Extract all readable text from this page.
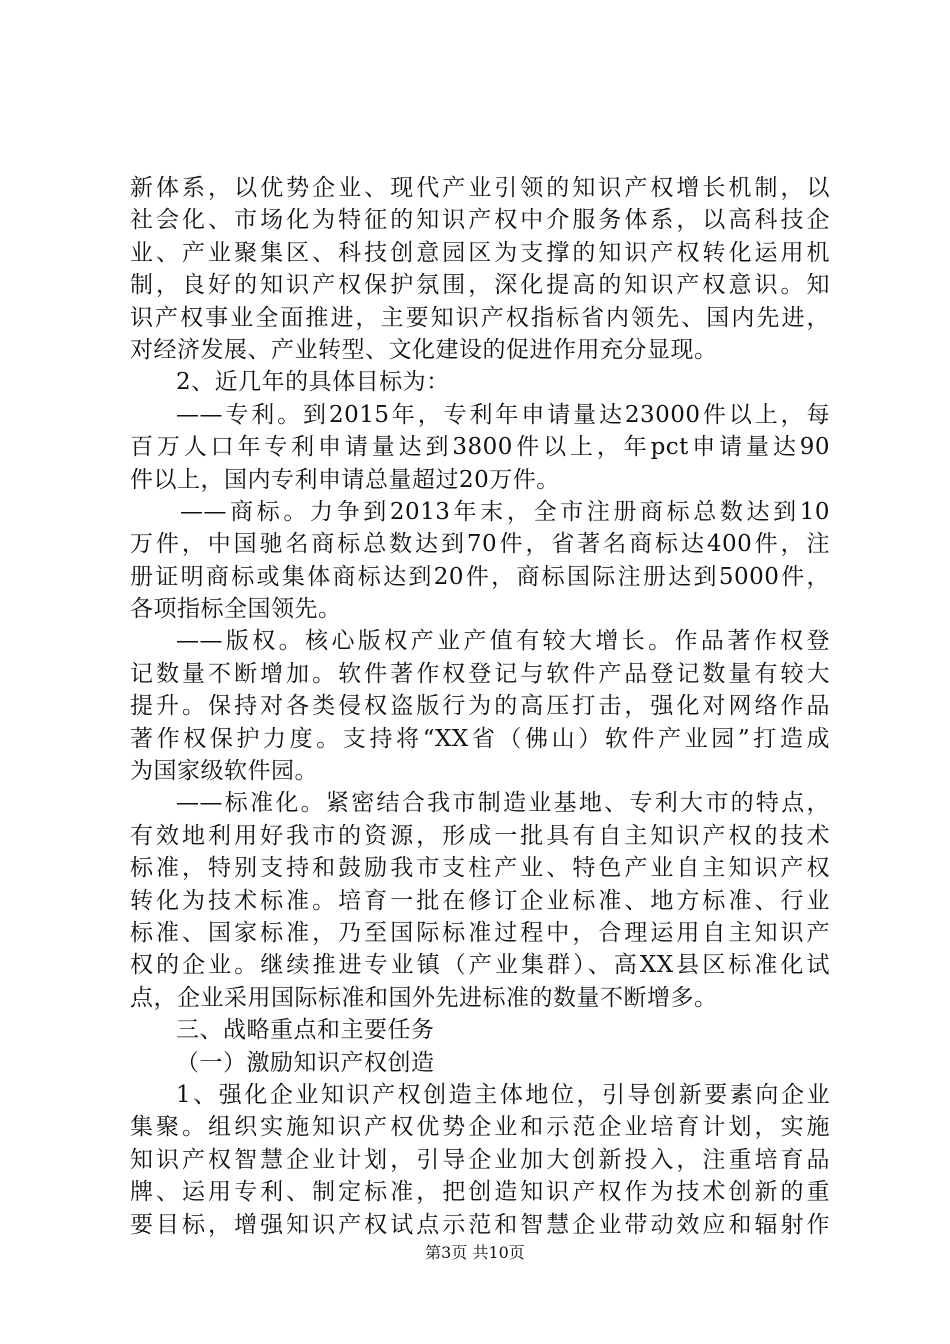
新体系，以优势企业、现代产业引领的知识产权增长机制，以
社会化、市场化为特征的知识产权中介服务体系，以高科技企
业、产业聚集区、科技创意园区为支撑的知识产权转化运用机
制，良好的知识产权保护氛围，深化提高的知识产权意识。知
识产权事业全面推进，主要知识产权指标省内领先、国内先进，
对经济发展、产业转型、文化建设的促进作用充分显现。
2、近几年的具体目标为：
——专利。到2015年，专利年申请量达23000件以上，每
百万人口年专利申请量达到3800件以上，年pct申请量达90
件以上，国内专利申请总量超过20万件。
——商标。力争到2013年末，全市注册商标总数达到10
万件，中国驰名商标总数达到70件，省著名商标达400件，注
册证明商标或集体商标达到20件，商标国际注册达到5000件，
各项指标全国领先。
——版权。核心版权产业产值有较大增长。作品著作权登
记数量不断增加。软件著作权登记与软件产品登记数量有较大
提升。保持对各类侵权盗版行为的高压打击，强化对网络作品
著作权保护力度。支持将“XX省（佛山）软件产业园”打造成
为国家级软件园。
——标准化。紧密结合我市制造业基地、专利大市的特点，
有效地利用好我市的资源，形成一批具有自主知识产权的技术
标准，特别支持和鼓励我市支柱产业、特色产业自主知识产权
转化为技术标准。培育一批在修订企业标准、地方标准、行业
标准、国家标准，乃至国际标准过程中，合理运用自主知识产
权的企业。继续推进专业镇（产业集群）、高XX县区标准化试
点，企业采用国际标准和国外先进标准的数量不断增多。
三、战略重点和主要任务
（一）激励知识产权创造
1、强化企业知识产权创造主体地位，引导创新要素向企业
集聚。组织实施知识产权优势企业和示范企业培育计划，实施
知识产权智慧企业计划，引导企业加大创新投入，注重培育品
牌、运用专利、制定标准，把创造知识产权作为技术创新的重
要目标，增强知识产权试点示范和智慧企业带动效应和辐射作
第3页 共10页
